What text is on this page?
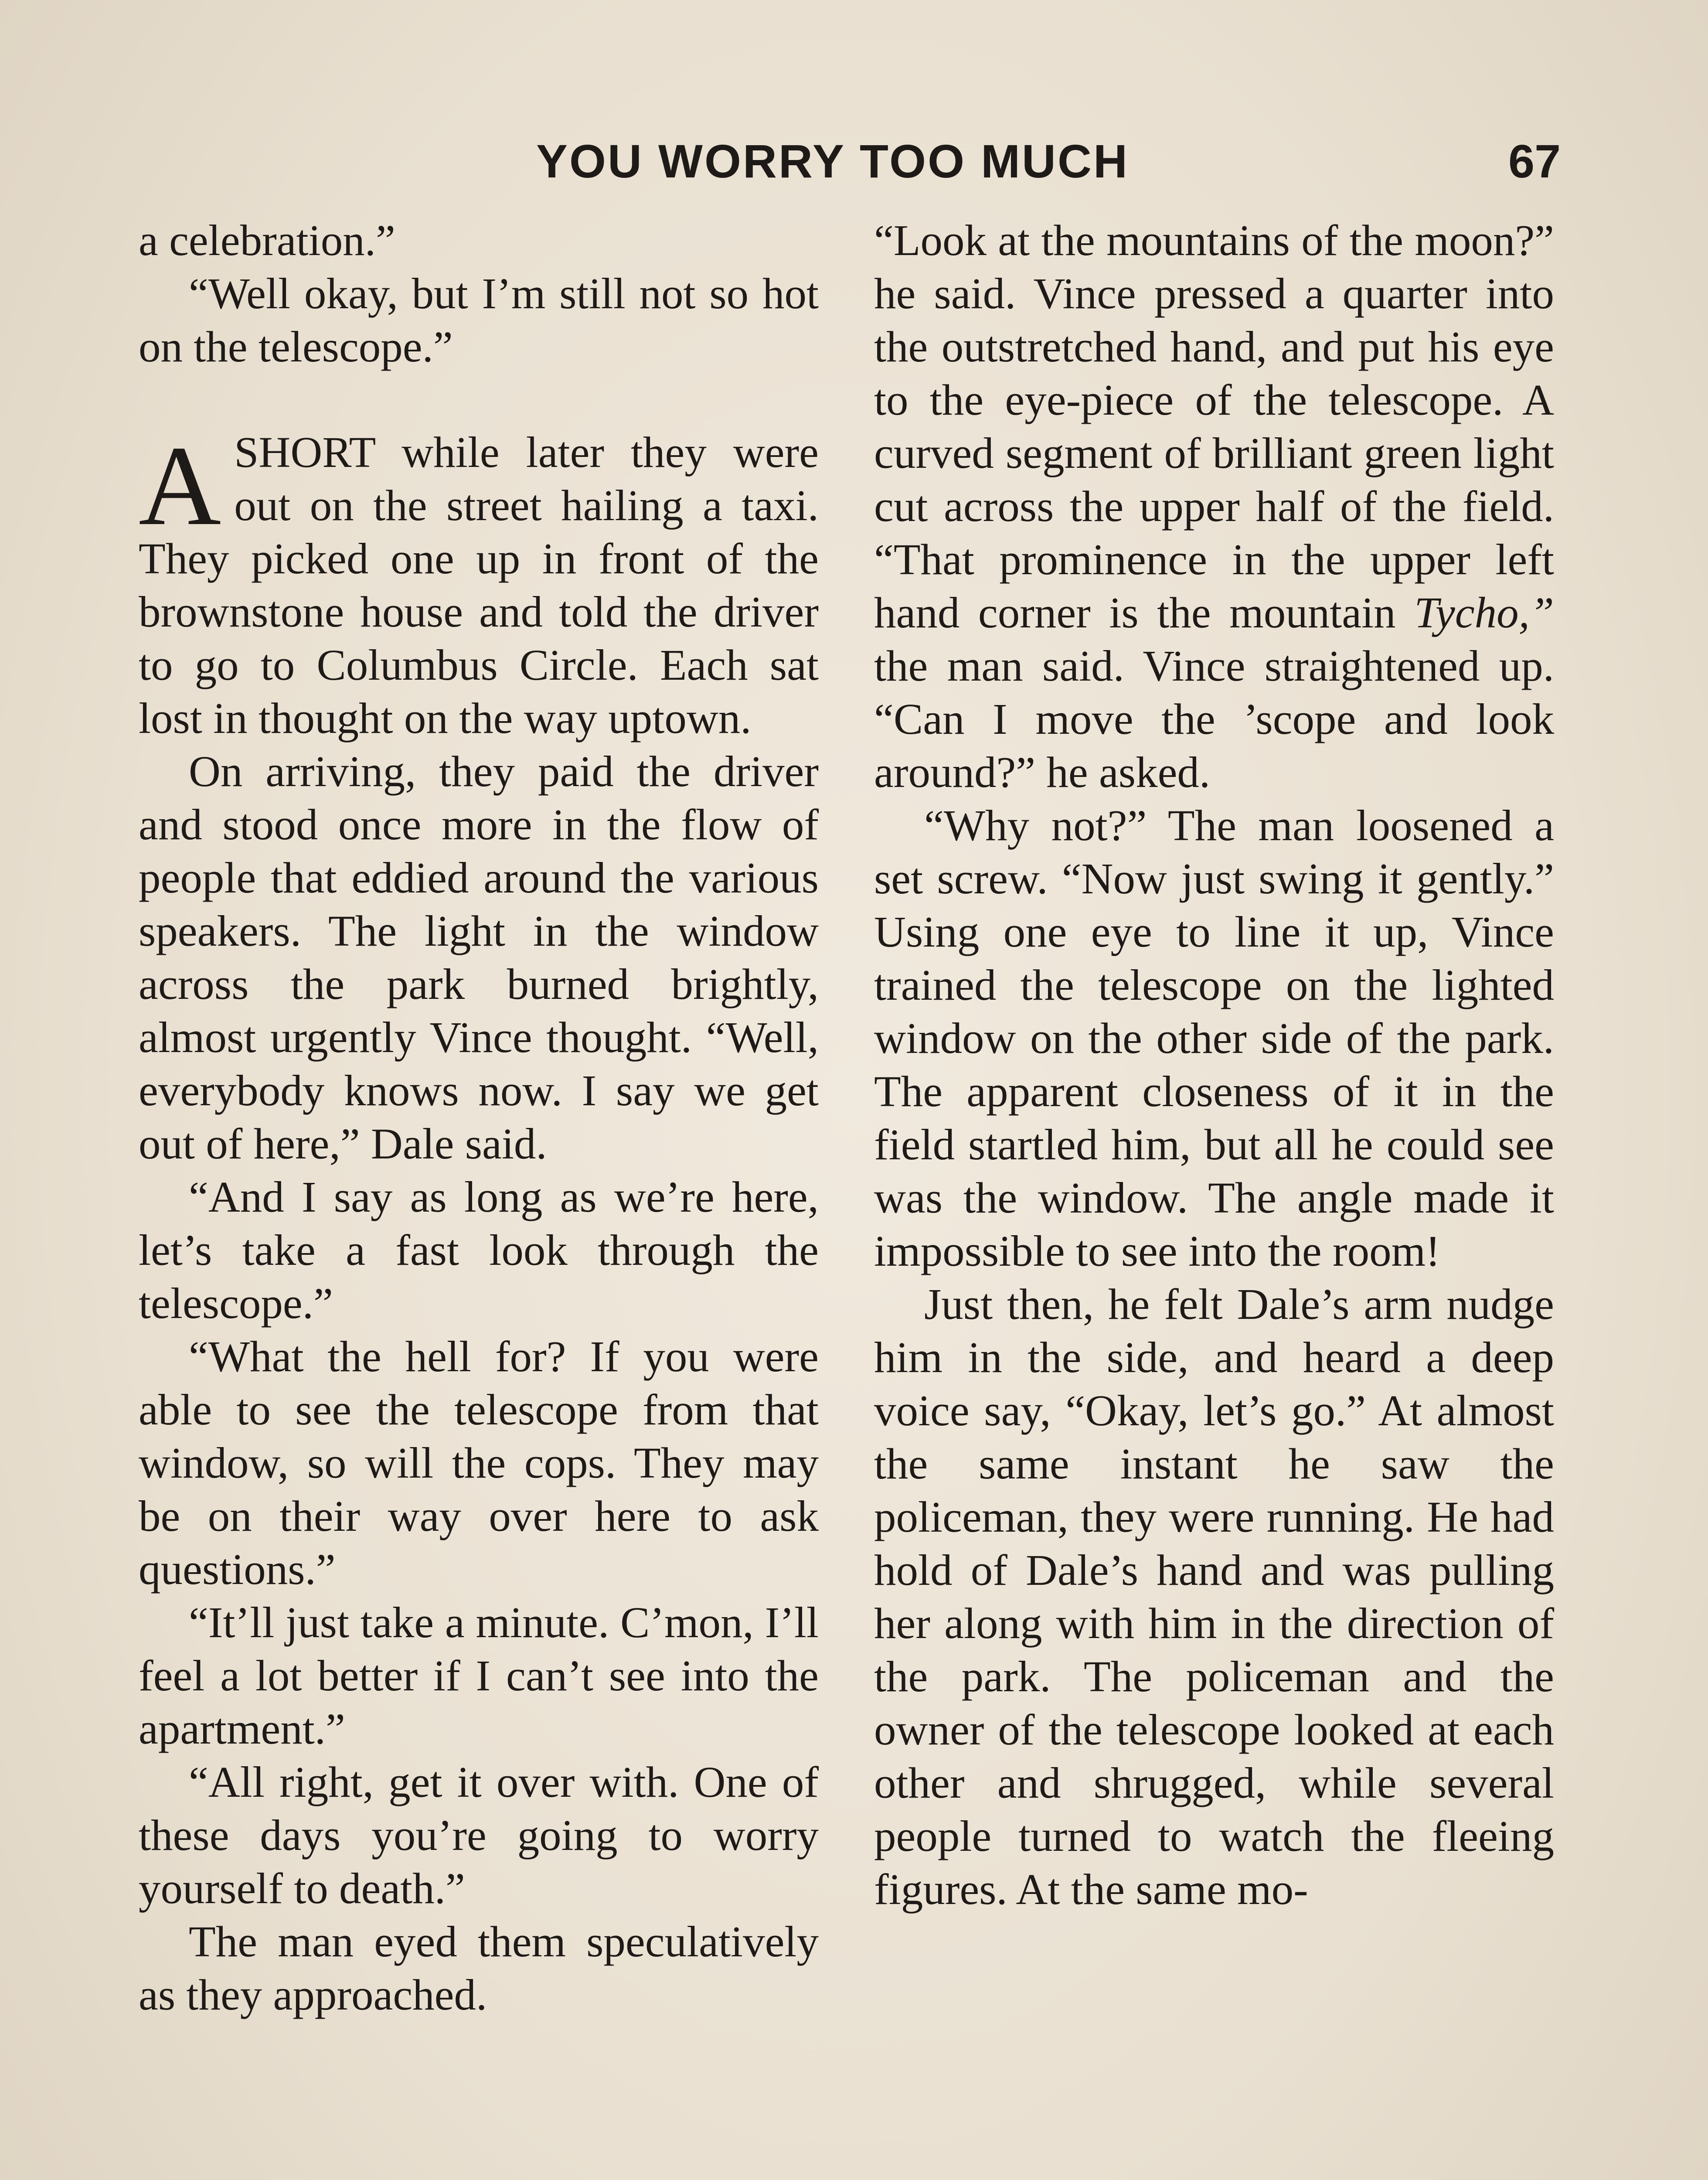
YOU WORRY TOO MUCH	67

a celebration.”

“Well okay, but I’m still not so hot on the telescope.”

ASHORT while later they were out on the street hailing a taxi. They picked one up in front of the brownstone house and told the driver to go to Columbus Circle. Each sat lost in thought on the way uptown.

On arriving, they paid the driver and stood once more in the flow of people that eddied around the various speakers. The light in the window across the park burned brightly, almost urgently Vince thought. “Well, everybody knows now. I say we get out of here,” Dale said.

“And I say as long as we’re here, let’s take a fast look through the telescope.”

“What the hell for? If you were able to see the telescope from that window, so will the cops. They may be on their way over here to ask questions.”

“It’ll just take a minute. C’mon, I’ll feel a lot better if I can’t see into the apartment.”

“All right, get it over with. One of these days you’re going to worry yourself to death.”

The man eyed them speculatively as they approached.

“Look at the mountains of the moon?” he said. Vince pressed a quarter into the outstretched hand, and put his eye to the eye-piece of the telescope. A curved segment of brilliant green light cut across the upper half of the field. “That prominence in the upper left hand corner is the mountain Tycho,” the man said. Vince straightened up. “Can I move the ’scope and look around?” he asked.

“Why not?” The man loosened a set screw. “Now just swing it gently.” Using one eye to line it up, Vince trained the telescope on the lighted window on the other side of the park. The apparent closeness of it in the field startled him, but all he could see was the window. The angle made it impossible to see into the room!

Just then, he felt Dale’s arm nudge him in the side, and heard a deep voice say, “Okay, let’s go.” At almost the same instant he saw the policeman, they were running. He had hold of Dale’s hand and was pulling her along with him in the direction of the park. The policeman and the owner of the telescope looked at each other and shrugged, while several people turned to watch the fleeing figures. At the same mo-
